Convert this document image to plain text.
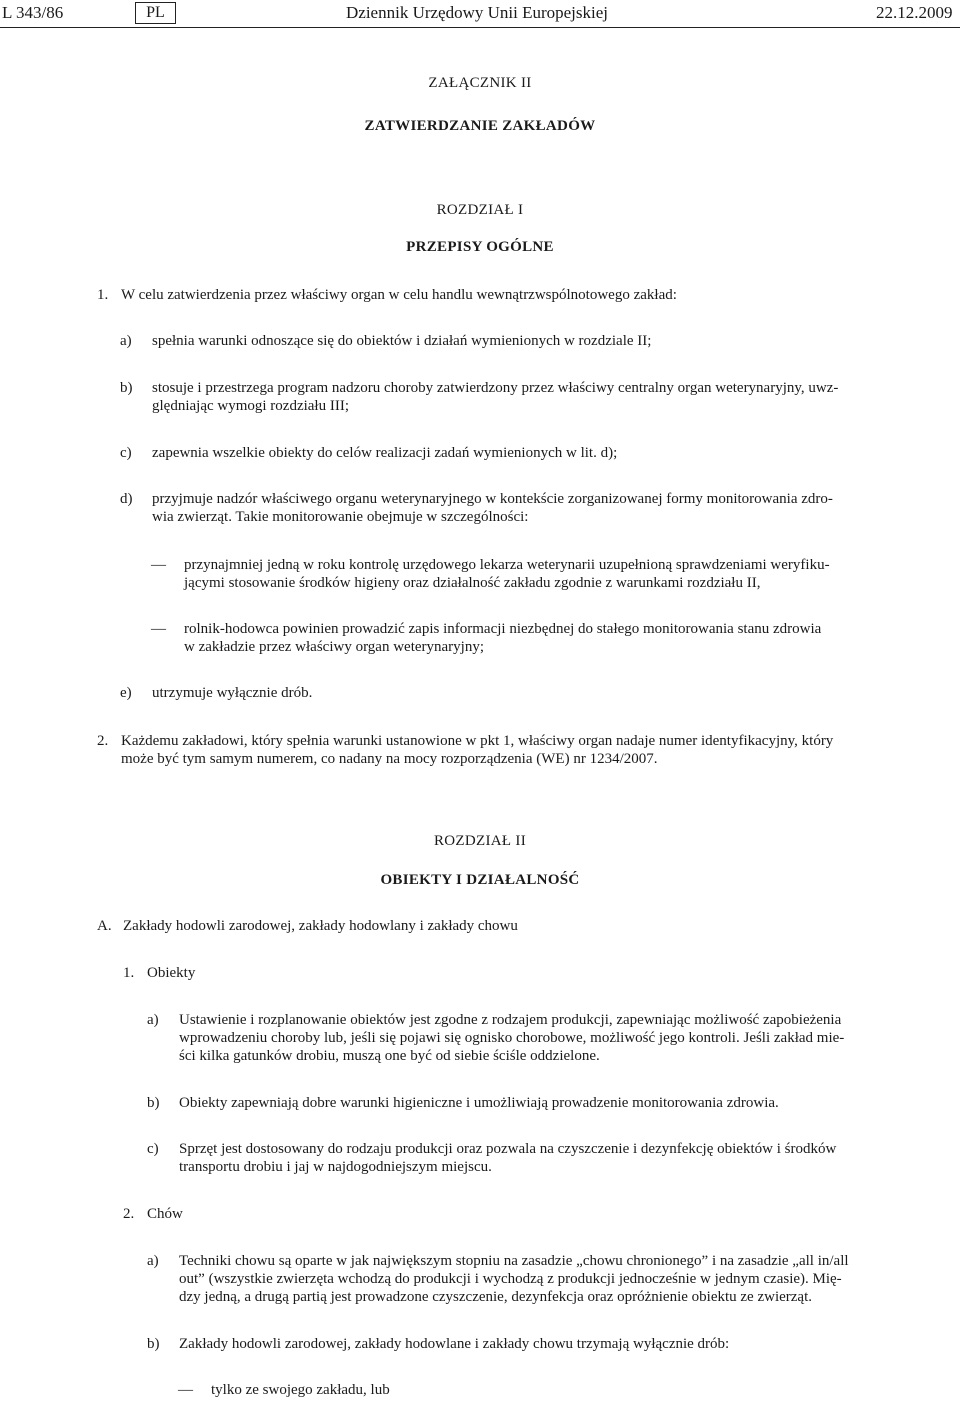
L 343/86	PL	Dziennik Urzędowy Unii Europejskiej	22.12.2009
ZAŁĄCZNIK II
ZATWIERDZANIE ZAKŁADÓW
ROZDZIAŁ I
PRZEPISY OGÓLNE
1. W celu zatwierdzenia przez właściwy organ w celu handlu wewnątrzwspólnotowego zakład:
a) spełnia warunki odnoszące się do obiektów i działań wymienionych w rozdziale II;
b) stosuje i przestrzega program nadzoru choroby zatwierdzony przez właściwy centralny organ weterynaryjny, uwz-
ględniając wymogi rozdziału III;
c) zapewnia wszelkie obiekty do celów realizacji zadań wymienionych w lit. d);
d) przyjmuje nadzór właściwego organu weterynaryjnego w kontekście zorganizowanej formy monitorowania zdro-
wia zwierząt. Takie monitorowanie obejmuje w szczególności:
— przynajmniej jedną w roku kontrolę urzędowego lekarza weterynarii uzupełnioną sprawdzeniami weryfiku-
jącymi stosowanie środków higieny oraz działalność zakładu zgodnie z warunkami rozdziału II,
— rolnik-hodowca powinien prowadzić zapis informacji niezbędnej do stałego monitorowania stanu zdrowia
w zakładzie przez właściwy organ weterynaryjny;
e) utrzymuje wyłącznie drób.
2. Każdemu zakładowi, który spełnia warunki ustanowione w pkt 1, właściwy organ nadaje numer identyfikacyjny, który
może być tym samym numerem, co nadany na mocy rozporządzenia (WE) nr 1234/2007.
ROZDZIAŁ II
OBIEKTY I DZIAŁALNOŚĆ
A. Zakłady hodowli zarodowej, zakłady hodowlany i zakłady chowu
1. Obiekty
a) Ustawienie i rozplanowanie obiektów jest zgodne z rodzajem produkcji, zapewniając możliwość zapobieżenia
wprowadzeniu choroby lub, jeśli się pojawi się ognisko chorobowe, możliwość jego kontroli. Jeśli zakład mie-
ści kilka gatunków drobiu, muszą one być od siebie ściśle oddzielone.
b) Obiekty zapewniają dobre warunki higieniczne i umożliwiają prowadzenie monitorowania zdrowia.
c) Sprzęt jest dostosowany do rodzaju produkcji oraz pozwala na czyszczenie i dezynfekcję obiektów i środków
transportu drobiu i jaj w najdogodniejszym miejscu.
2. Chów
a) Techniki chowu są oparte w jak największym stopniu na zasadzie „chowu chronionego” i na zasadzie „all in/all
out” (wszystkie zwierzęta wchodzą do produkcji i wychodzą z produkcji jednocześnie w jednym czasie). Mię-
dzy jedną, a drugą partią jest prowadzone czyszczenie, dezynfekcja oraz opróżnienie obiektu ze zwierząt.
b) Zakłady hodowli zarodowej, zakłady hodowlane i zakłady chowu trzymają wyłącznie drób:
— tylko ze swojego zakładu, lub
